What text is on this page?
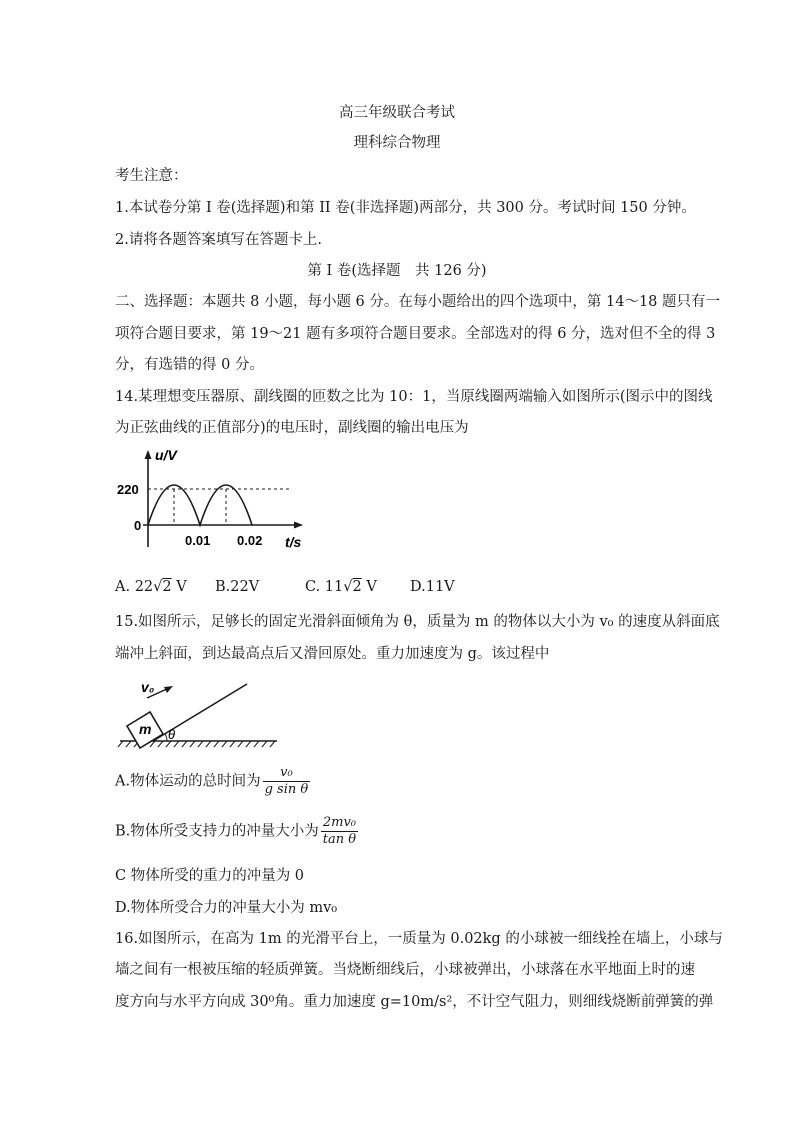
高三年级联合考试
理科综合物理
考生注意：
1.本试卷分第 I 卷(选择题)和第 II 卷(非选择题)两部分，共 300 分。考试时间 150 分钟。
2.请将各题答案填写在答题卡上.
第 I 卷(选择题　共 126 分)
二、选择题：本题共 8 小题，每小题 6 分。在每小题给出的四个选项中，第 14～18 题只有一
项符合题目要求，第 19～21 题有多项符合题目要求。全部选对的得 6 分，选对但不全的得 3
分，有选错的得 0 分。
14.某理想变压器原、副线圈的匝数之比为 10：1，当原线圈两端输入如图所示(图示中的图线
为正弦曲线的正值部分)的电压时，副线圈的输出电压为
u/V
220
0
0.01 0.02 t/s
A. 22√2 V B.22V	C. 11√2 V D.11V
15.如图所示，足够长的固定光滑斜面倾角为 θ，质量为 m 的物体以大小为 v₀ 的速度从斜面底
端冲上斜面，到达最高点后又滑回原处。重力加速度为 g。该过程中
v₀
m θ
A.物体运动的总时间为 $\frac{\text{v₀}}{\text{g sin θ}}$
B.物体所受支持力的冲量大小为 $\frac{\text{2mv₀}}{\text{tan θ}}$
C 物体所受的重力的冲量为 0
D.物体所受合力的冲量大小为 mv₀
16.如图所示，在高为 1m 的光滑平台上，一质量为 0.02kg 的小球被一细线拴在墙上，小球与
墙之间有一根被压缩的轻质弹簧。当烧断细线后，小球被弹出，小球落在水平地面上时的速
度方向与水平方向成 30⁰角。重力加速度 g=10m/s²，不计空气阻力，则细线烧断前弹簧的弹
